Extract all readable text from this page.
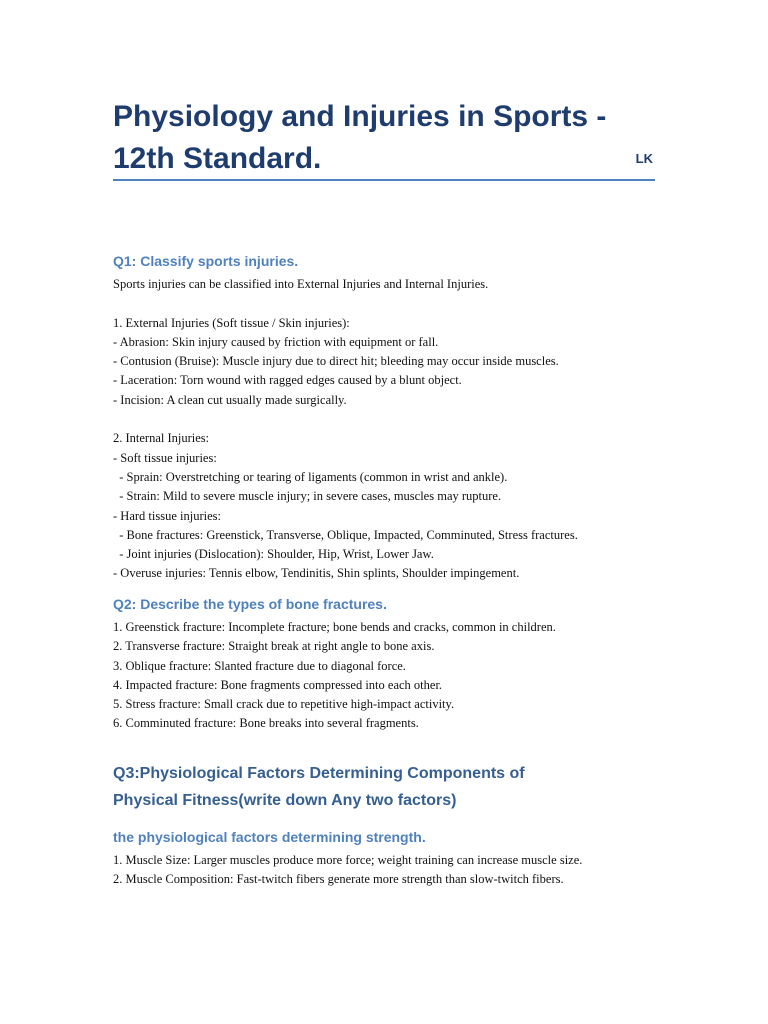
Physiology and Injuries in Sports - 12th Standard.	LK
Q1: Classify sports injuries.

Sports injuries can be classified into External Injuries and Internal Injuries.

1. External Injuries (Soft tissue / Skin injuries):

- Abrasion: Skin injury caused by friction with equipment or fall.

- Contusion (Bruise): Muscle injury due to direct hit; bleeding may occur inside muscles.

- Laceration: Torn wound with ragged edges caused by a blunt object.

- Incision: A clean cut usually made surgically.

2. Internal Injuries:

- Soft tissue injuries:

- Sprain: Overstretching or tearing of ligaments (common in wrist and ankle).

- Strain: Mild to severe muscle injury; in severe cases, muscles may rupture.

- Hard tissue injuries:

- Bone fractures: Greenstick, Transverse, Oblique, Impacted, Comminuted, Stress fractures.

- Joint injuries (Dislocation): Shoulder, Hip, Wrist, Lower Jaw.

- Overuse injuries: Tennis elbow, Tendinitis, Shin splints, Shoulder impingement.

Q2: Describe the types of bone fractures.

1. Greenstick fracture: Incomplete fracture; bone bends and cracks, common in children.

2. Transverse fracture: Straight break at right angle to bone axis.

3. Oblique fracture: Slanted fracture due to diagonal force.

4. Impacted fracture: Bone fragments compressed into each other.

5. Stress fracture: Small crack due to repetitive high-impact activity.

6. Comminuted fracture: Bone breaks into several fragments.

Q3:Physiological Factors Determining Components of Physical Fitness(write down Any two factors)
the physiological factors determining strength.

1. Muscle Size: Larger muscles produce more force; weight training can increase muscle size.

2. Muscle Composition: Fast-twitch fibers generate more strength than slow-twitch fibers.
